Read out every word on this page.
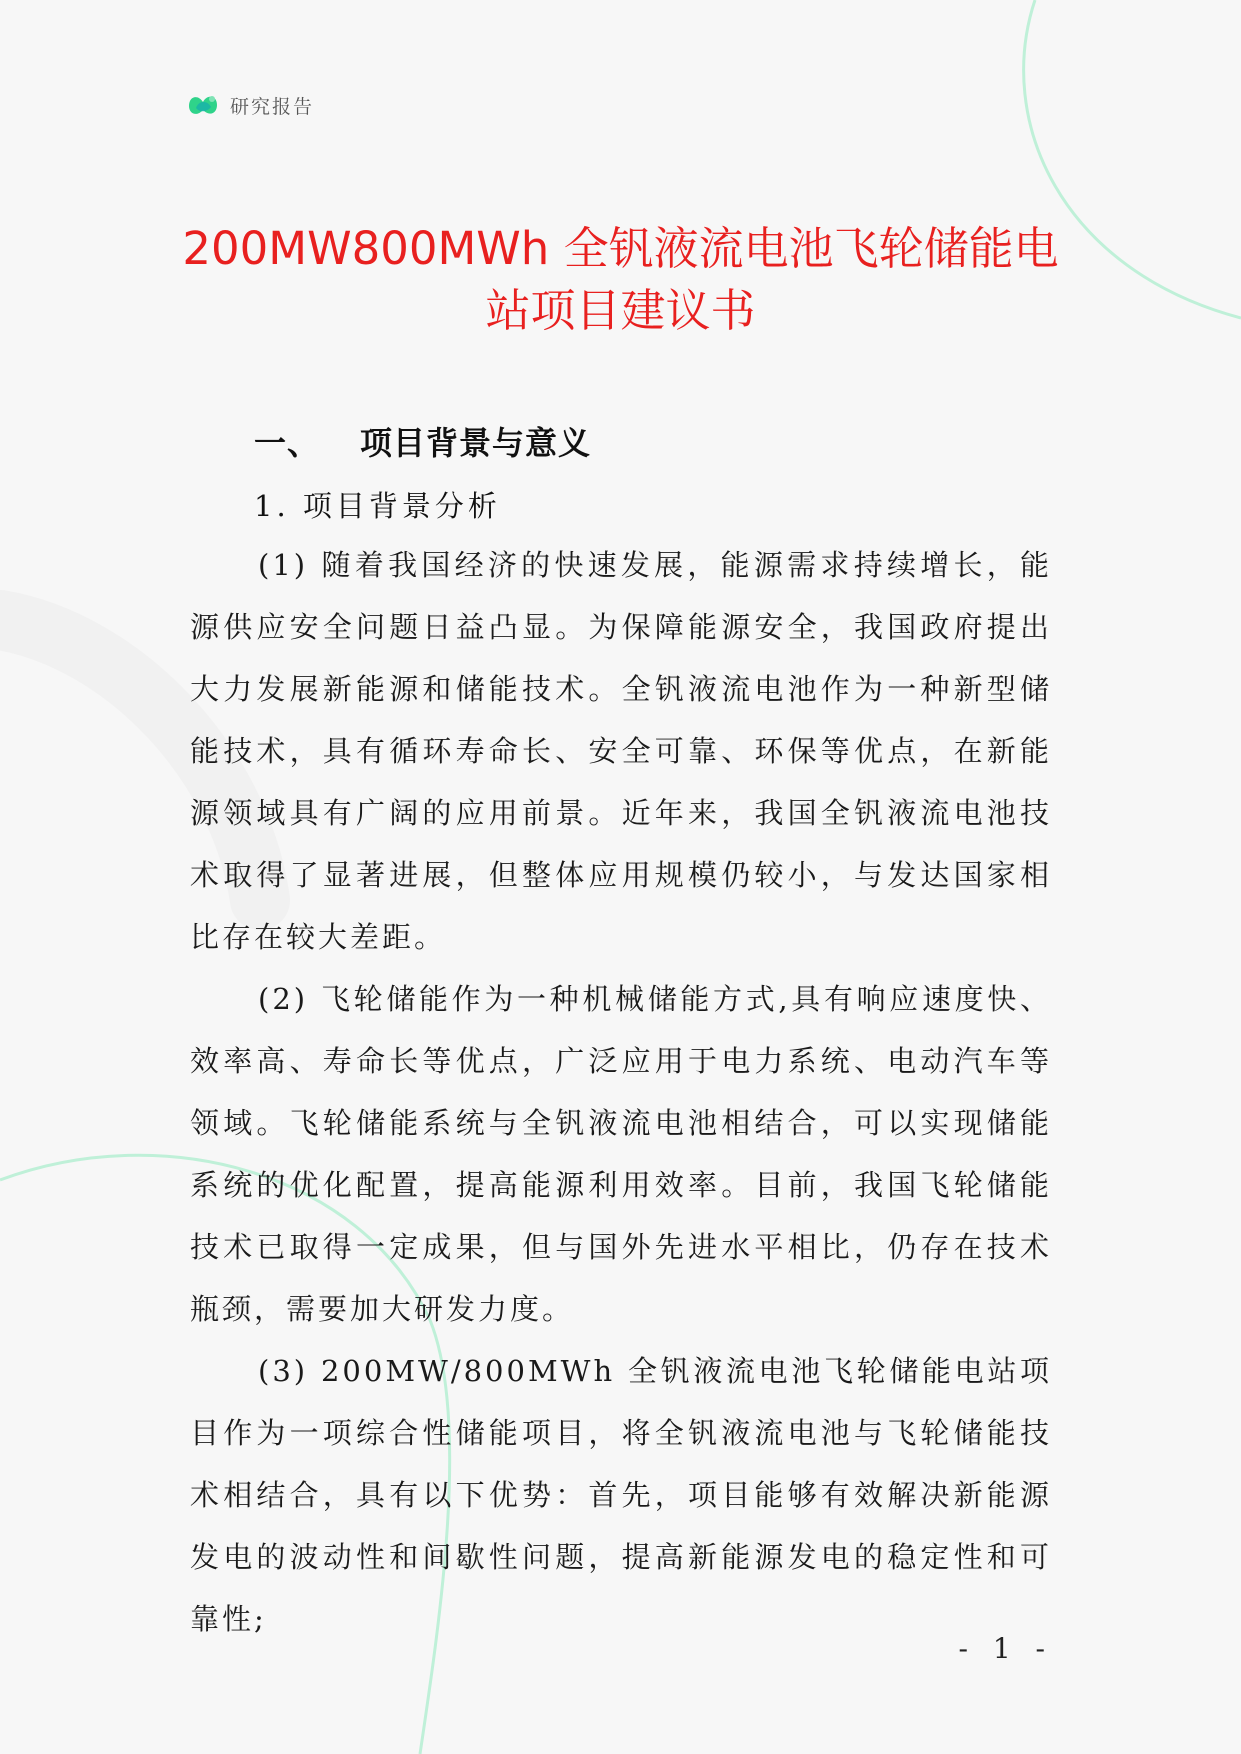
研究报告
200MW800MWh 全钒液流电池飞轮储能电站项目建议书
一、 项目背景与意义
1. 项目背景分析

(1) 随着我国经济的快速发展，能源需求持续增长，能源供应安全问题日益凸显。为保障能源安全，我国政府提出大力发展新能源和储能技术。全钒液流电池作为一种新型储能技术，具有循环寿命长、安全可靠、环保等优点，在新能源领域具有广阔的应用前景。近年来，我国全钒液流电池技术取得了显著进展，但整体应用规模仍较小，与发达国家相比存在较大差距。

(2) 飞轮储能作为一种机械储能方式,具有响应速度快、效率高、寿命长等优点，广泛应用于电力系统、电动汽车等领域。飞轮储能系统与全钒液流电池相结合，可以实现储能系统的优化配置，提高能源利用效率。目前，我国飞轮储能技术已取得一定成果，但与国外先进水平相比，仍存在技术瓶颈，需要加大研发力度。

(3) 200MW/800MWh 全钒液流电池飞轮储能电站项目作为一项综合性储能项目，将全钒液流电池与飞轮储能技术相结合，具有以下优势：首先，项目能够有效解决新能源发电的波动性和间歇性问题，提高新能源发电的稳定性和可靠性;

- 1 -
